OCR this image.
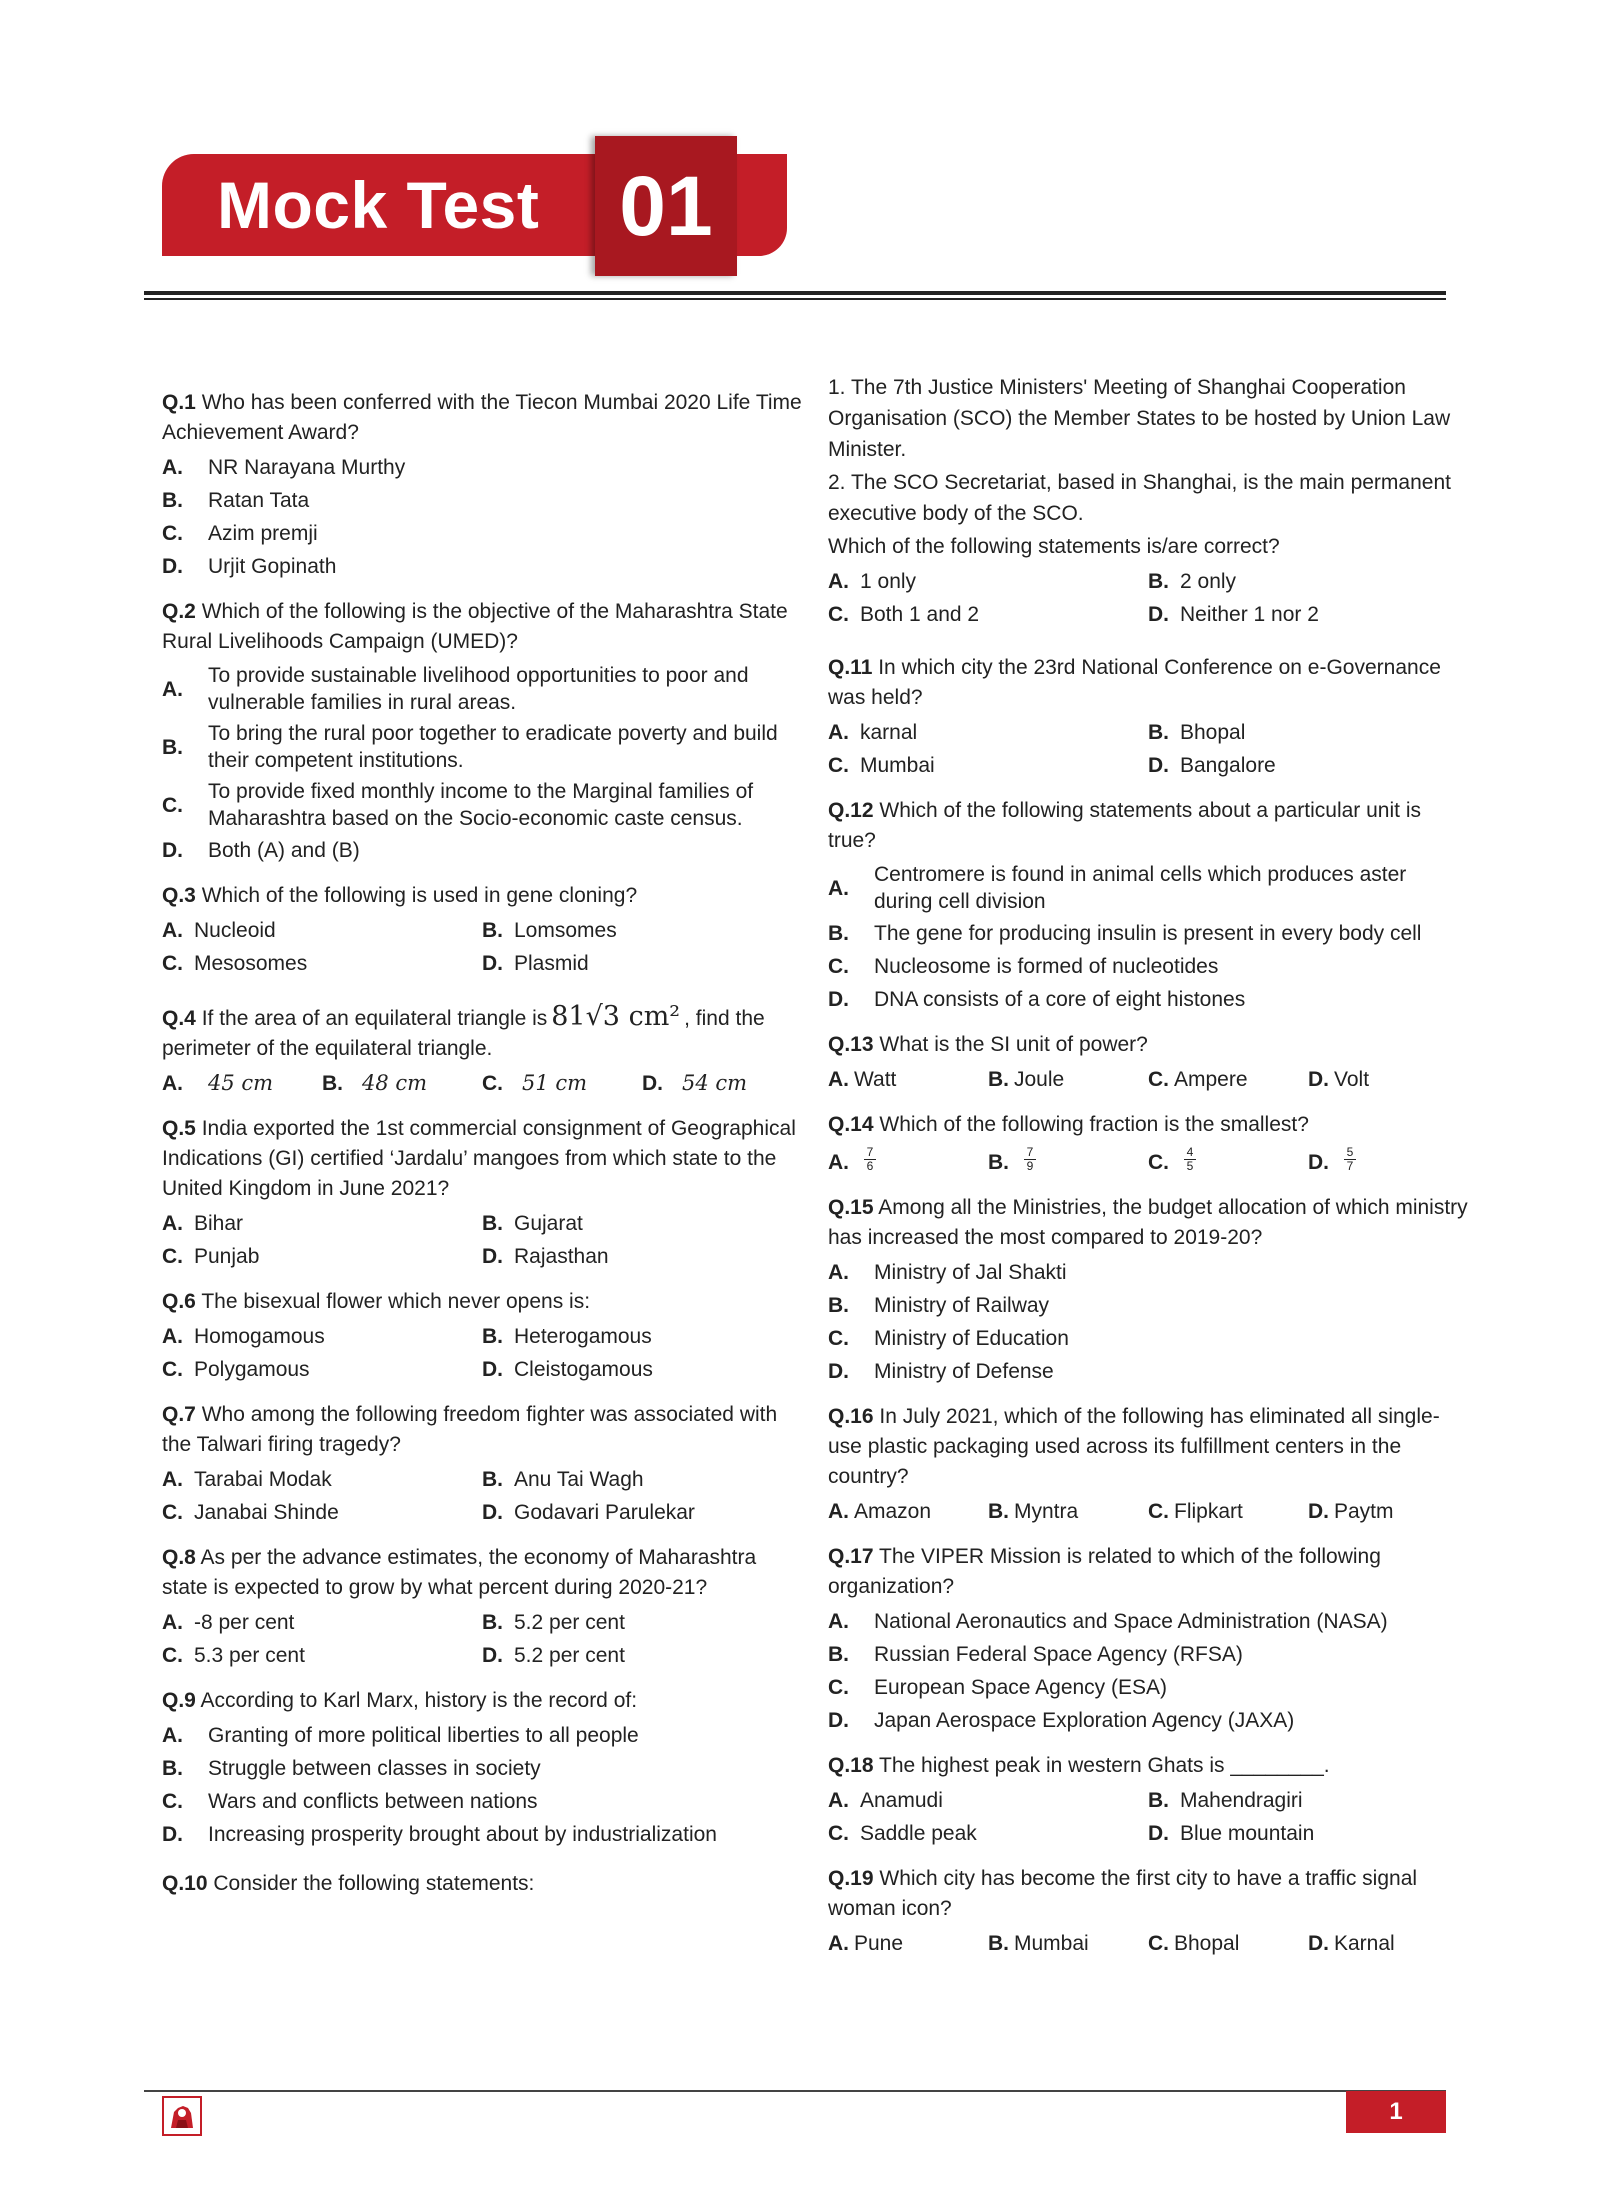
Mock Test 01
Q.1 Who has been conferred with the Tiecon Mumbai 2020 Life Time Achievement Award?
A.	NR Narayana Murthy
B.	Ratan Tata
C.	Azim premji
D.	Urjit Gopinath
Q.2 Which of the following is the objective of the Maharashtra State Rural Livelihoods Campaign (UMED)?
A.
To provide sustainable livelihood opportunities to poor and vulnerable families in rural areas.
B.
To bring the rural poor together to eradicate poverty and build their competent institutions.
C.
To provide fixed monthly income to the Marginal families of Maharashtra based on the Socio-economic caste census.
D.	Both (A) and (B)
Q.3 Which of the following is used in gene cloning?
A. Nucleoid	B. Lomsomes
C. Mesosomes	D. Plasmid
Q.4 If the area of an equilateral triangle is 81√3 cm² , find the perimeter of the equilateral triangle.
A.	45 cm B. 48 cm	C. 51 cm	D. 54 cm
Q.5 India exported the 1st commercial consignment of Geographical Indications (GI) certified ‘Jardalu’ mangoes from which state to the United Kingdom in June 2021?
A. Bihar	B. Gujarat
C. Punjab	D. Rajasthan
Q.6 The bisexual flower which never opens is:
A. Homogamous	B. Heterogamous
C. Polygamous	D. Cleistogamous
Q.7 Who among the following freedom fighter was associated with the Talwari firing tragedy?
A. Tarabai Modak	B. Anu Tai Wagh
C. Janabai Shinde	D. Godavari Parulekar
Q.8 As per the advance estimates, the economy of Maharashtra state is expected to grow by what percent during 2020-21?
A. -8 per cent	B. 5.2 per cent
C. 5.3 per cent	D. 5.2 per cent
Q.9 According to Karl Marx, history is the record of:
A.	Granting of more political liberties to all people
B.	Struggle between classes in society
C.	Wars and conflicts between nations
D.	Increasing prosperity brought about by industrialization
Q.10 Consider the following statements:
1. The 7th Justice Ministers' Meeting of Shanghai Cooperation Organisation (SCO) the Member States to be hosted by Union Law Minister.
2. The SCO Secretariat, based in Shanghai, is the main permanent executive body of the SCO.
Which of the following statements is/are correct?
A. 1 only	B. 2 only
C. Both 1 and 2	D. Neither 1 nor 2
Q.11 In which city the 23rd National Conference on e-Governance was held?
A. karnal	B. Bhopal
C. Mumbai	D. Bangalore
Q.12 Which of the following statements about a particular unit is true?
A.
Centromere is found in animal cells which produces aster during cell division
B.	The gene for producing insulin is present in every body cell
C.	Nucleosome is formed of nucleotides
D.	DNA consists of a core of eight histones
Q.13 What is the SI unit of power?
A. Watt	B. Joule	C. Ampere	D. Volt
Q.14 Which of the following fraction is the smallest?
A.	$\frac{7}{6}$	B.	$\frac{7}{9}$	C.	$\frac{4}{5}$	D.	$\frac{5}{7}$
Q.15 Among all the Ministries, the budget allocation of which ministry has increased the most compared to 2019-20?
A.	Ministry of Jal Shakti
B.	Ministry of Railway
C.	Ministry of Education
D.	Ministry of Defense
Q.16 In July 2021, which of the following has eliminated all single-use plastic packaging used across its fulfillment centers in the country?
A. Amazon	B. Myntra	C. Flipkart	D. Paytm
Q.17 The VIPER Mission is related to which of the following organization?
A.	National Aeronautics and Space Administration (NASA)
B.	Russian Federal Space Agency (RFSA)
C.	European Space Agency (ESA)
D.	Japan Aerospace Exploration Agency (JAXA)
Q.18 The highest peak in western Ghats is ________.
A. Anamudi	B. Mahendragiri
C. Saddle peak	D. Blue mountain
Q.19 Which city has become the first city to have a traffic signal woman icon?
A. Pune	B. Mumbai	C. Bhopal	D. Karnal
1
